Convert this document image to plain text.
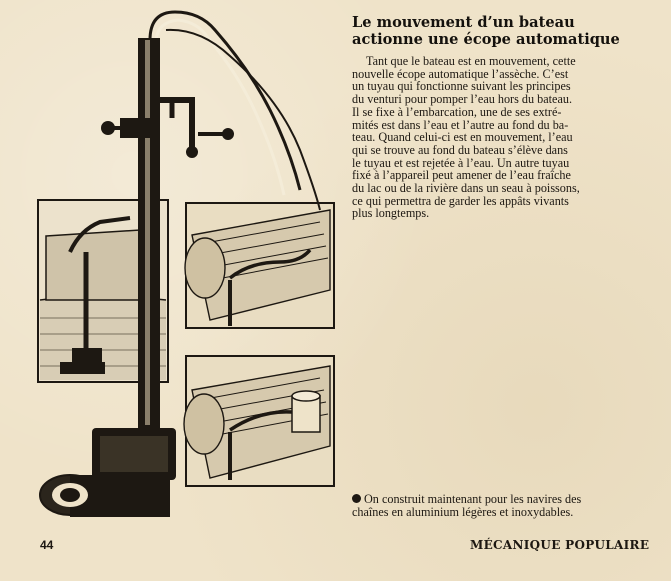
Le mouvement d’un bateau
actionne une écope automatique

Tant que le bateau est en mouvement, cette
nouvelle écope automatique l’assèche. C’est
un tuyau qui fonctionne suivant les principes
du venturi pour pomper l’eau hors du bateau.
Il se fixe à l’embarcation, une de ses extré-
mités est dans l’eau et l’autre au fond du ba-
teau. Quand celui-ci est en mouvement, l’eau
qui se trouve au fond du bateau s’élève dans
le tuyau et est rejetée à l’eau. Un autre tuyau
fixé à l’appareil peut amener de l’eau fraîche
du lac ou de la rivière dans un seau à poissons,
ce qui permettra de garder les appâts vivants
plus longtemps.

On construit maintenant pour les navires des
chaînes en aluminium légères et inoxydables.

44	MÉCANIQUE POPULAIRE
